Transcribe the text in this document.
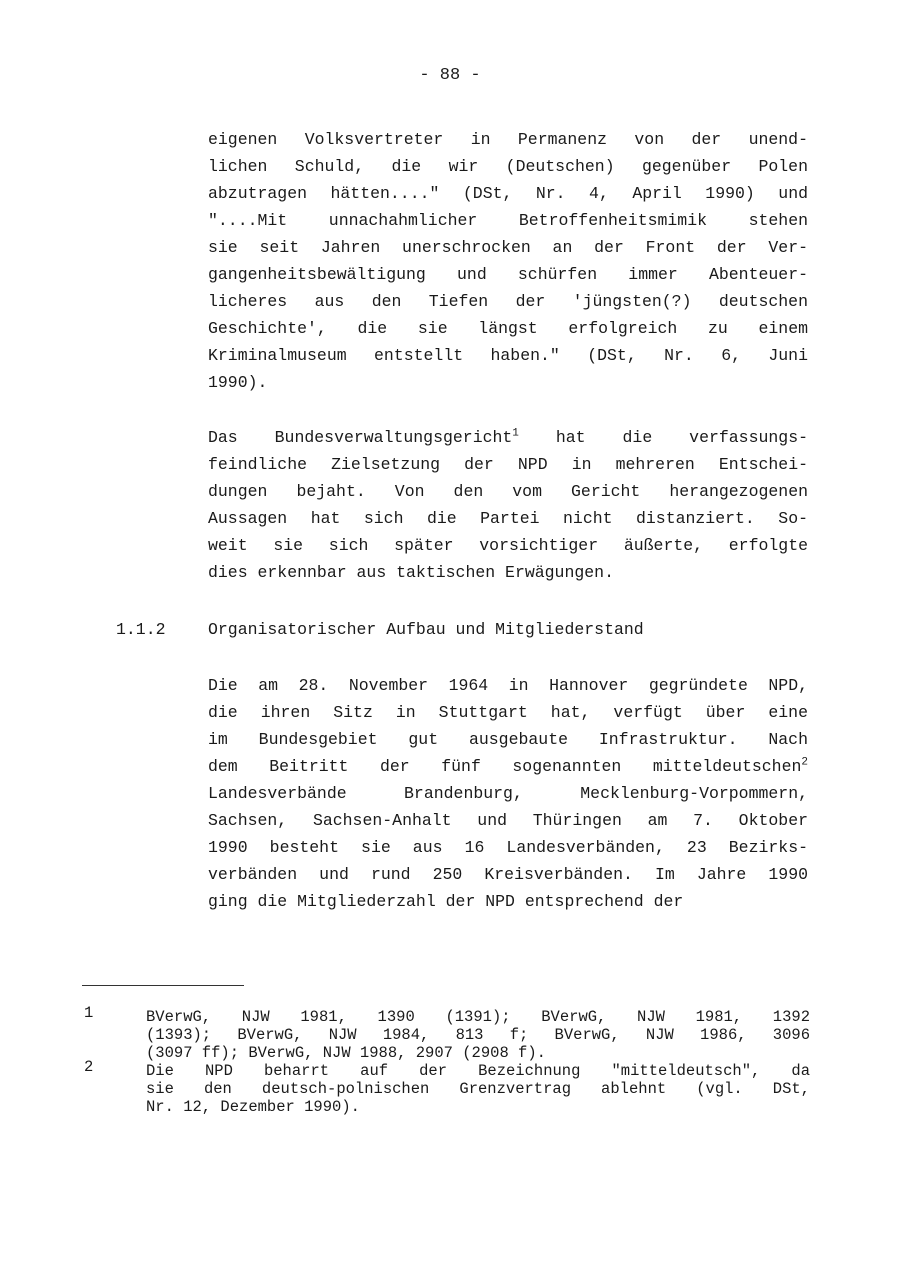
- 88 -
eigenen Volksvertreter in Permanenz von der unend-
lichen Schuld, die wir (Deutschen) gegenüber Polen
abzutragen hätten...." (DSt, Nr. 4, April 1990) und
"....Mit unnachahmlicher Betroffenheitsmimik stehen
sie seit Jahren unerschrocken an der Front der Ver-
gangenheitsbewältigung und schürfen immer Abenteuer-
licheres aus den Tiefen der 'jüngsten(?) deutschen
Geschichte', die sie längst erfolgreich zu einem
Kriminalmuseum entstellt haben." (DSt, Nr. 6, Juni
1990).
Das Bundesverwaltungsgericht$^1$ hat die verfassungs-
feindliche Zielsetzung der NPD in mehreren Entschei-
dungen bejaht. Von den vom Gericht herangezogenen
Aussagen hat sich die Partei nicht distanziert. So-
weit sie sich später vorsichtiger äußerte, erfolgte
dies erkennbar aus taktischen Erwägungen.
1.1.2	Organisatorischer Aufbau und Mitgliederstand
Die am 28. November 1964 in Hannover gegründete NPD,
die ihren Sitz in Stuttgart hat, verfügt über eine
im Bundesgebiet gut ausgebaute Infrastruktur. Nach
dem Beitritt der fünf sogenannten mitteldeutschen$^2$
Landesverbände Brandenburg, Mecklenburg-Vorpommern,
Sachsen, Sachsen-Anhalt und Thüringen am 7. Oktober
1990 besteht sie aus 16 Landesverbänden, 23 Bezirks-
verbänden und rund 250 Kreisverbänden. Im Jahre 1990
ging die Mitgliederzahl der NPD entsprechend der
1	BVerwG, NJW 1981, 1390 (1391); BVerwG, NJW 1981, 1392
(1393); BVerwG, NJW 1984, 813 f; BVerwG, NJW 1986, 3096
(3097 ff); BVerwG, NJW 1988, 2907 (2908 f).
2	Die NPD beharrt auf der Bezeichnung "mitteldeutsch", da
sie den deutsch-polnischen Grenzvertrag ablehnt (vgl. DSt,
Nr. 12, Dezember 1990).
